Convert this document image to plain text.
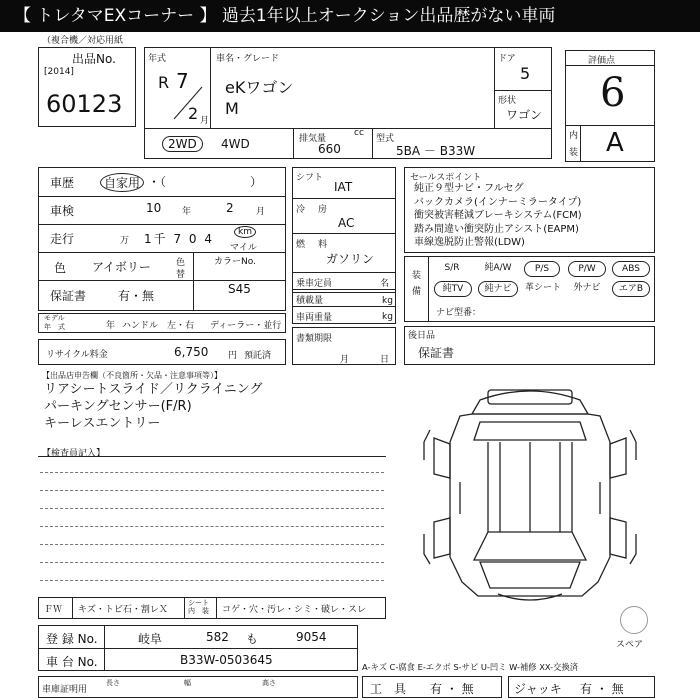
【 トレタマEXコーナー 】 過去1年以上オークション出品歴がない車両
（複合機／対応用紙
出品No.
[2014]
60123
年式
R 7
2 月
車名・グレード
eKワゴン
M
ドア
5
形状
ワゴン
2WD	4WD	排気量
cc
660
型式
5BA － B33W
評価点
6
内
装 A
車歴	自家用 ・（　　　　　　　）
車検	10 年	2 月
走行	万 1千 7 0 4	km
マイル
色 アイボリー	色
替
カラーNo.
S45
保証書	有・無
モデル
年　式	年 ハンドル　左・右 ディーラー・並行
リサイクル料金	6,750 円 預託済
シフト
IAT
冷 房
AC
燃 料
ガソリン
乗車定員	名
積載量	kg
車両重量	kg
書類期限
月	日
セールスポイント
純正９型ナビ・フルセグ
バックカメラ(インナーミラータイプ)
衝突被害軽減ブレーキシステム(FCM)
踏み間違い衝突防止アシスト(EAPM)
車線逸脱防止警報(LDW)
装
備
S/R	純A/W	P/S	P/W	ABS
純TV	純ナビ	革シート	外ナビ	エアB
ナビ型番：
後日品
保証書
【出品店申告欄（不良箇所・欠品・注意事項等）】
リアシートスライド／リクライニング
パーキングセンサー(F/R)
キーレスエントリー
【検査員記入】
スペア
ＦＷ キズ・トビ石・割レＸ
シート内　装	コゲ・穴・汚レ・シミ・破レ・スレ
登 録 No.	岐阜	582 も	9054
車 台 No.	B33W-0503645	A-キズ C-腐食 E-エクボ S-サビ U-凹ミ W-補修 XX-交換済
車庫証明用
長さ	幅	高さ	工　具 有 ・ 無	ジャッキ 有 ・ 無
